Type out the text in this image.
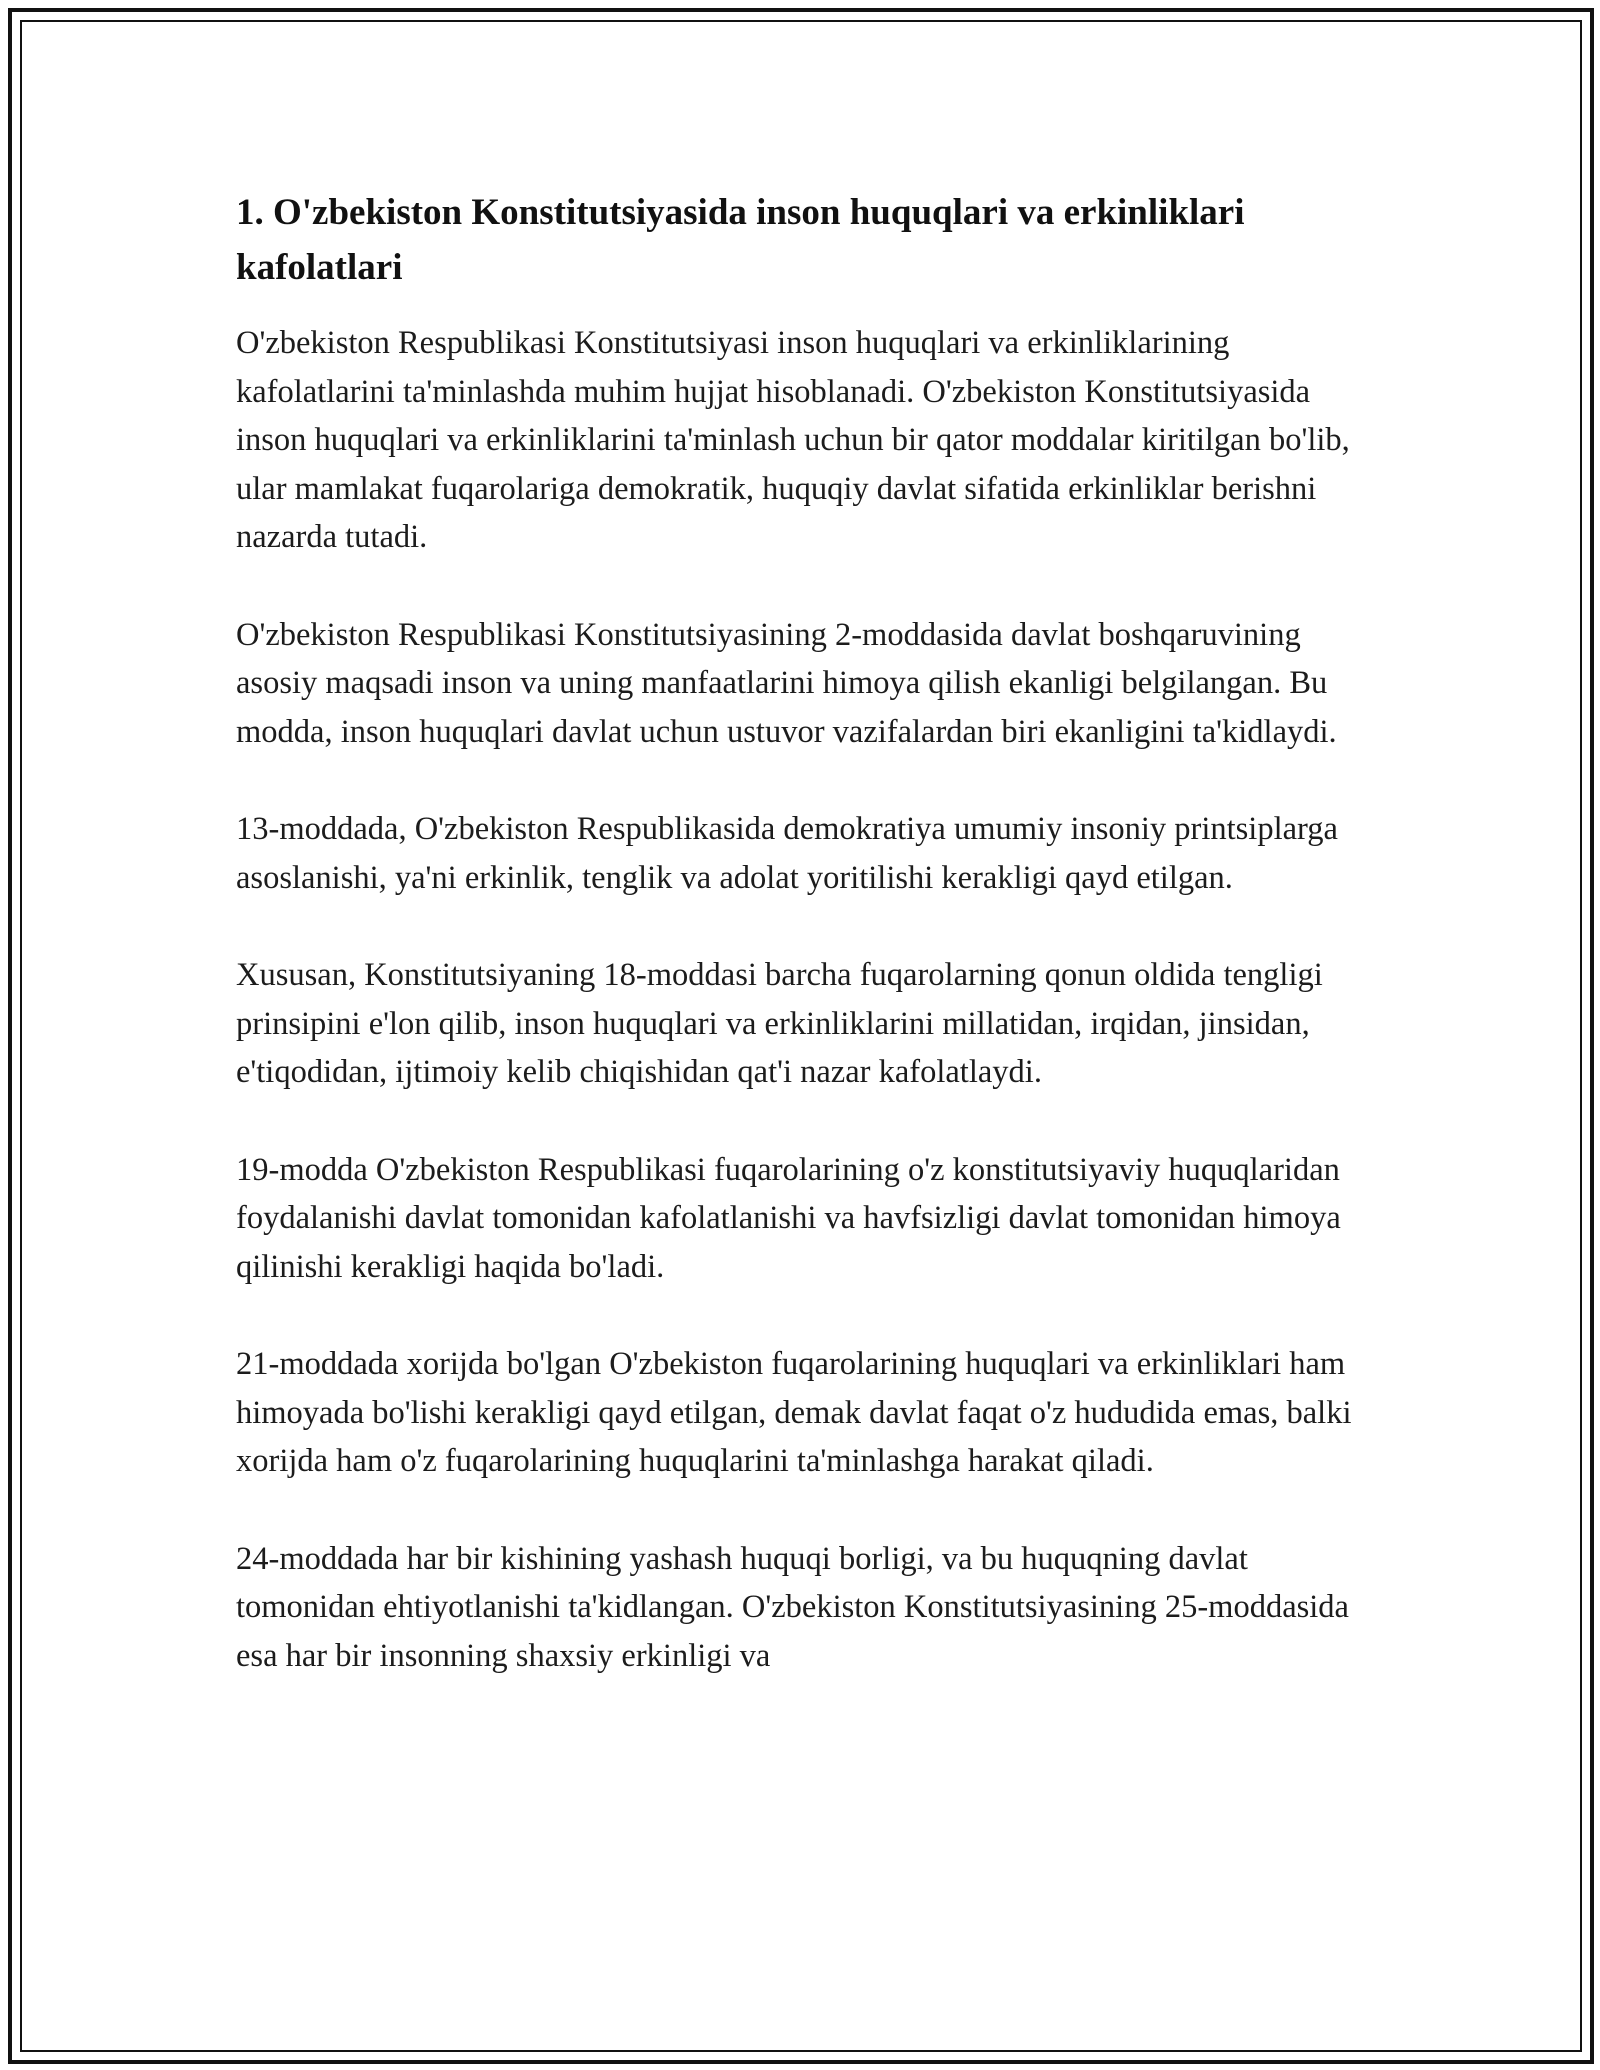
1. O'zbekiston Konstitutsiyasida inson huquqlari va erkinliklari kafolatlari

O'zbekiston Respublikasi Konstitutsiyasi inson huquqlari va erkinliklarining kafolatlarini ta'minlashda muhim hujjat hisoblanadi. O'zbekiston Konstitutsiyasida inson huquqlari va erkinliklarini ta'minlash uchun bir qator moddalar kiritilgan bo'lib, ular mamlakat fuqarolariga demokratik, huquqiy davlat sifatida erkinliklar berishni nazarda tutadi.

O'zbekiston Respublikasi Konstitutsiyasining 2-moddasida davlat boshqaruvining asosiy maqsadi inson va uning manfaatlarini himoya qilish ekanligi belgilangan. Bu modda, inson huquqlari davlat uchun ustuvor vazifalardan biri ekanligini ta'kidlaydi.

13-moddada, O'zbekiston Respublikasida demokratiya umumiy insoniy printsiplarga asoslanishi, ya'ni erkinlik, tenglik va adolat yoritilishi kerakligi qayd etilgan.

Xususan, Konstitutsiyaning 18-moddasi barcha fuqarolarning qonun oldida tengligi prinsipini e'lon qilib, inson huquqlari va erkinliklarini millatidan, irqidan, jinsidan, e'tiqodidan, ijtimoiy kelib chiqishidan qat'i nazar kafolatlaydi.

19-modda O'zbekiston Respublikasi fuqarolarining o'z konstitutsiyaviy huquqlaridan foydalanishi davlat tomonidan kafolatlanishi va havfsizligi davlat tomonidan himoya qilinishi kerakligi haqida bo'ladi.

21-moddada xorijda bo'lgan O'zbekiston fuqarolarining huquqlari va erkinliklari ham himoyada bo'lishi kerakligi qayd etilgan, demak davlat faqat o'z hududida emas, balki xorijda ham o'z fuqarolarining huquqlarini ta'minlashga harakat qiladi.

24-moddada har bir kishining yashash huquqi borligi, va bu huquqning davlat tomonidan ehtiyotlanishi ta'kidlangan. O'zbekiston Konstitutsiyasining 25-moddasida esa har bir insonning shaxsiy erkinligi va
